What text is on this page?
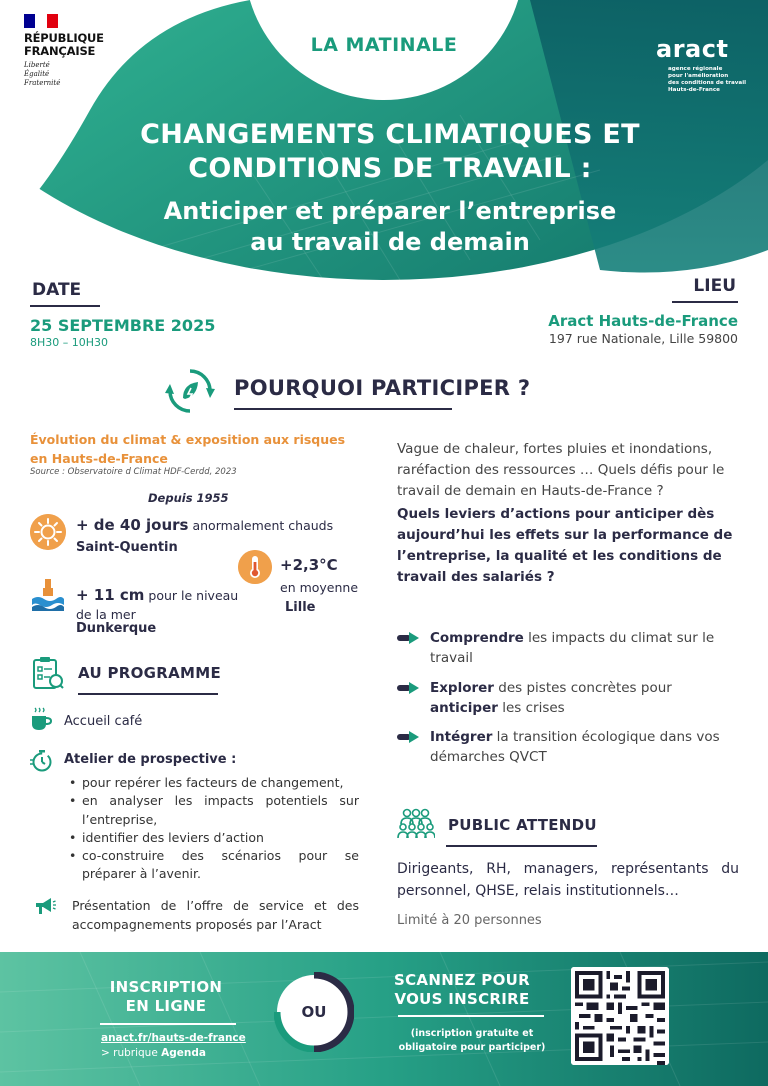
RÉPUBLIQUE
FRANÇAISE
Liberté
Égalité
Fraternité
LA MATINALE	aract
agence régionale
pour l'amélioration
des conditions de travail
Hauts-de-France
CHANGEMENTS CLIMATIQUES ET
CONDITIONS DE TRAVAIL :
Anticiper et préparer l’entreprise
au travail de demain
DATE
25 SEPTEMBRE 2025
8H30 – 10H30
LIEU
Aract Hauts-de-France
197 rue Nationale, Lille 59800
POURQUOI PARTICIPER ?
Évolution du climat & exposition aux risques
en Hauts-de-France
Source : Observatoire d Climat HDF-Cerdd, 2023
Depuis 1955
+ de 40 jours anormalement chauds
Saint-Quentin
+ 11 cm pour le niveau
de la mer
Dunkerque
+2,3°C
en moyenne
Lille
Vague de chaleur, fortes pluies et inondations, raréfaction des ressources … Quels défis pour le travail de demain en Hauts-de-France ?
Quels leviers d’actions pour anticiper dès aujourd’hui les effets sur la performance de l’entreprise, la qualité et les conditions de travail des salariés ?
Comprendre les impacts du climat sur le travail
Explorer des pistes concrètes pour anticiper les crises
Intégrer la transition écologique dans vos démarches QVCT
AU PROGRAMME
Accueil café
Atelier de prospective :
• pour repérer les facteurs de changement,
• en analyser les impacts potentiels sur l’entreprise,
• identifier des leviers d’action
• co-construire des scénarios pour se préparer à l’avenir.
Présentation de l’offre de service et des accompagnements proposés par l’Aract
PUBLIC ATTENDU
Dirigeants, RH, managers, représentants du personnel, QHSE, relais institutionnels…
Limité à 20 personnes
INSCRIPTION
EN LIGNE
anact.fr/hauts-de-france
> rubrique Agenda
OU
SCANNEZ POUR
VOUS INSCRIRE
(inscription gratuite et
obligatoire pour participer)
